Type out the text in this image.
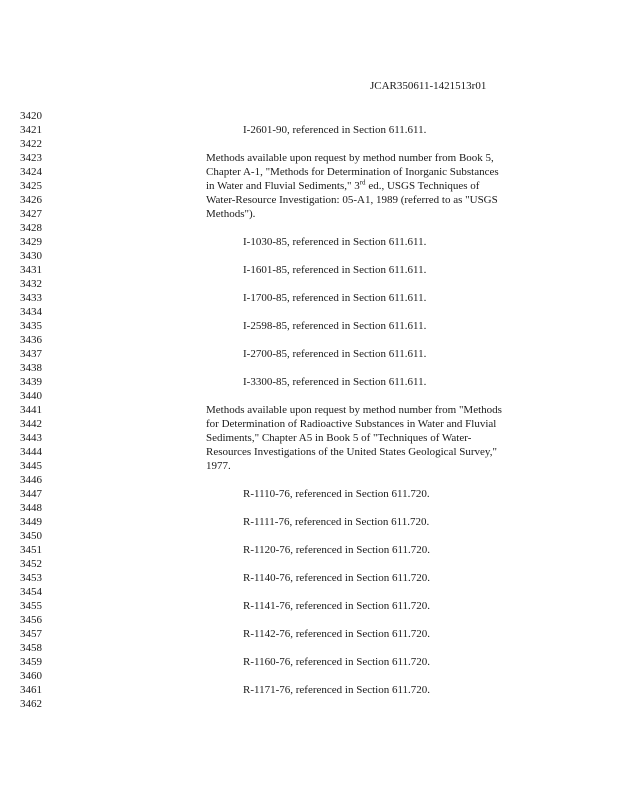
JCAR350611-1421513r01
3420
3421
3422
3423
3424
3425
3426
3427
3428
3429
3430
3431
3432
3433
3434
3435
3436
3437
3438
3439
3440
3441
3442
3443
3444
3445
3446
3447
3448
3449
3450
3451
3452
3453
3454
3455
3456
3457
3458
3459
3460
3461
3462
I-2601-90, referenced in Section 611.611.
Methods available upon request by method number from Book 5,
Chapter A-1, "Methods for Determination of Inorganic Substances
in Water and Fluvial Sediments," 3rd ed., USGS Techniques of
Water-Resource Investigation: 05-A1, 1989 (referred to as "USGS
Methods").
I-1030-85, referenced in Section 611.611.
I-1601-85, referenced in Section 611.611.
I-1700-85, referenced in Section 611.611.
I-2598-85, referenced in Section 611.611.
I-2700-85, referenced in Section 611.611.
I-3300-85, referenced in Section 611.611.
Methods available upon request by method number from "Methods
for Determination of Radioactive Substances in Water and Fluvial
Sediments," Chapter A5 in Book 5 of "Techniques of Water-
Resources Investigations of the United States Geological Survey,"
1977.
R-1110-76, referenced in Section 611.720.
R-1111-76, referenced in Section 611.720.
R-1120-76, referenced in Section 611.720.
R-1140-76, referenced in Section 611.720.
R-1141-76, referenced in Section 611.720.
R-1142-76, referenced in Section 611.720.
R-1160-76, referenced in Section 611.720.
R-1171-76, referenced in Section 611.720.
